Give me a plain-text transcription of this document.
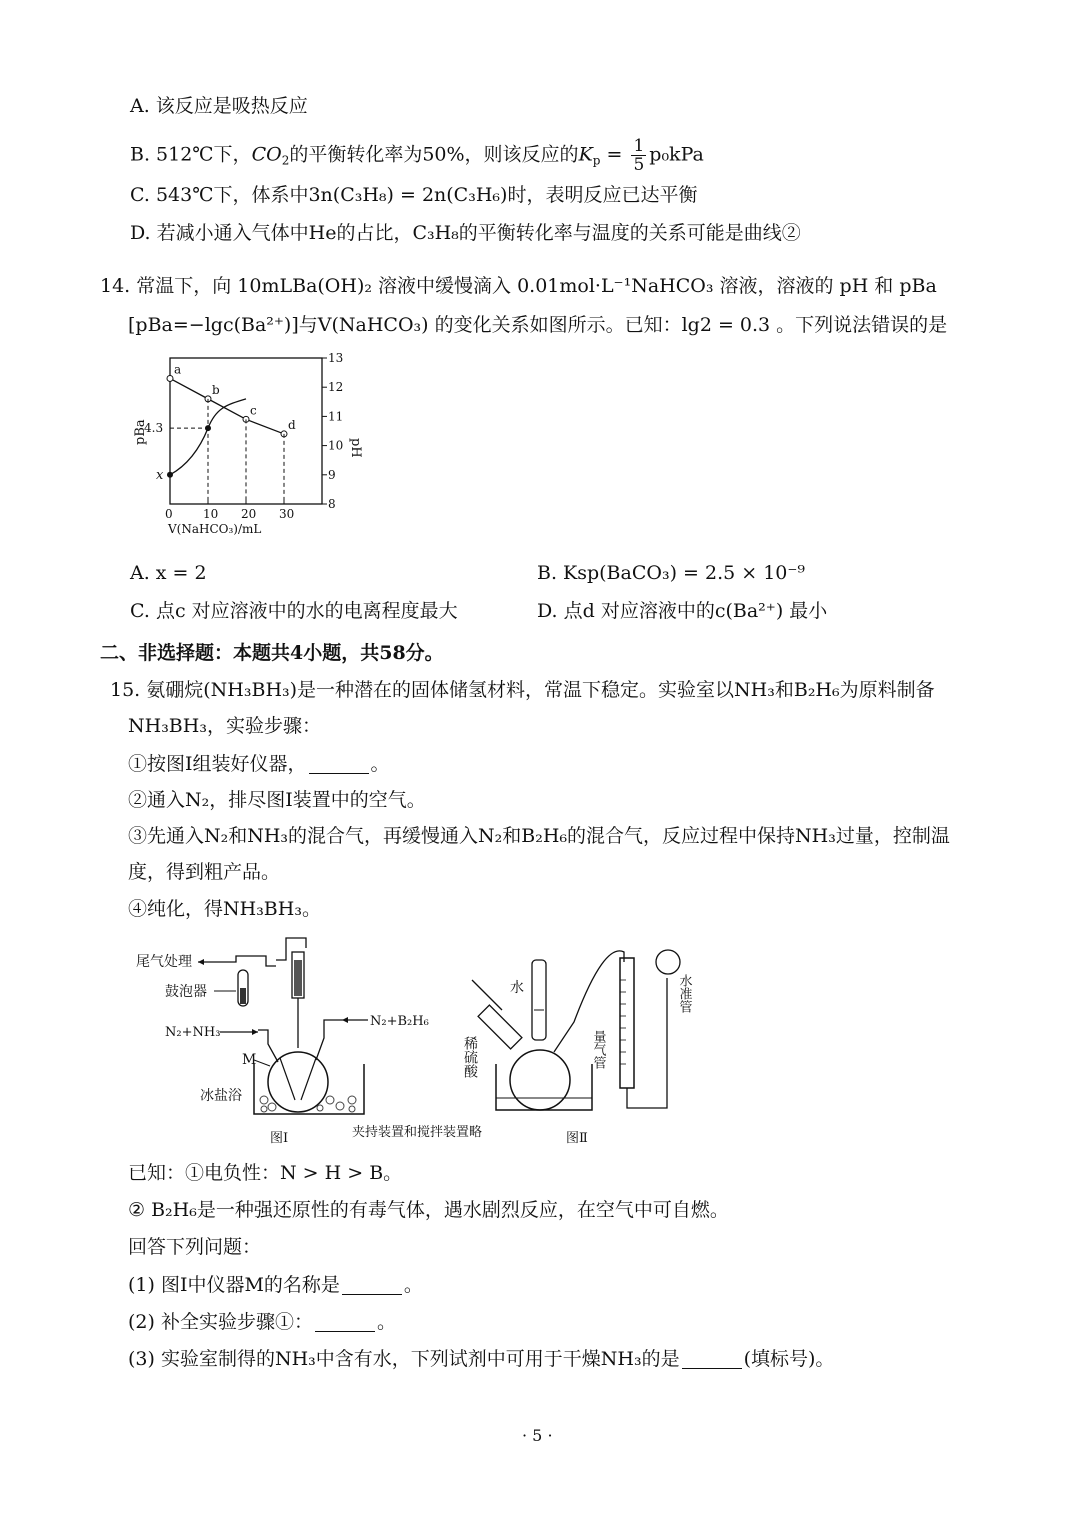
A. 该反应是吸热反应
B. 512℃下，$CO_2$的平衡转化率为50%，则该反应的$K_p = \frac{1}{5} p_0kPa$
C. 543℃下，体系中3n(C₃H₈) = 2n(C₃H₆)时，表明反应已达平衡
D. 若减小通入气体中He的占比，C₃H₈的平衡转化率与温度的关系可能是曲线②
14. 常温下，向 10mLBa(OH)₂ 溶液中缓慢滴入 0.01mol·L⁻¹NaHCO₃ 溶液，溶液的 pH 和 pBa
[pBa=−lgc(Ba²⁺)]与V(NaHCO₃) 的变化关系如图所示。已知：lg2 = 0.3 。下列说法错误的是
0	10 20 30
8
9
10
11
12
13
a
b
c
d
4.3
x
pBa
pH
V(NaHCO₃)/mL
A. x = 2	B. Ksp(BaCO₃) = 2.5 × 10⁻⁹
C. 点c 对应溶液中的水的电离程度最大	D. 点d 对应溶液中的c(Ba²⁺) 最小
二、非选择题：本题共4小题，共58分。
15. 氨硼烷(NH₃BH₃)是一种潜在的固体储氢材料，常温下稳定。实验室以NH₃和B₂H₆为原料制备
NH₃BH₃，实验步骤：
①按图Ⅰ组装好仪器，	。
②通入N₂，排尽图Ⅰ装置中的空气。
③先通入N₂和NH₃的混合气，再缓慢通入N₂和B₂H₆的混合气，反应过程中保持NH₃过量，控制温
度，得到粗产品。
④纯化，得NH₃BH₃。
尾气处理
鼓泡器
N₂+NH₃
N₂+B₂H₆
M
冰盐浴
图Ⅰ	夹持装置和搅拌装置略
水
稀硫酸	量气管
水准管
图Ⅱ
已知：①电负性：N > H > B。
② B₂H₆是一种强还原性的有毒气体，遇水剧烈反应，在空气中可自燃。
回答下列问题：
(1) 图Ⅰ中仪器M的名称是	。
(2) 补全实验步骤①：	。
(3) 实验室制得的NH₃中含有水，下列试剂中可用于干燥NH₃的是	(填标号)。
· 5 ·
